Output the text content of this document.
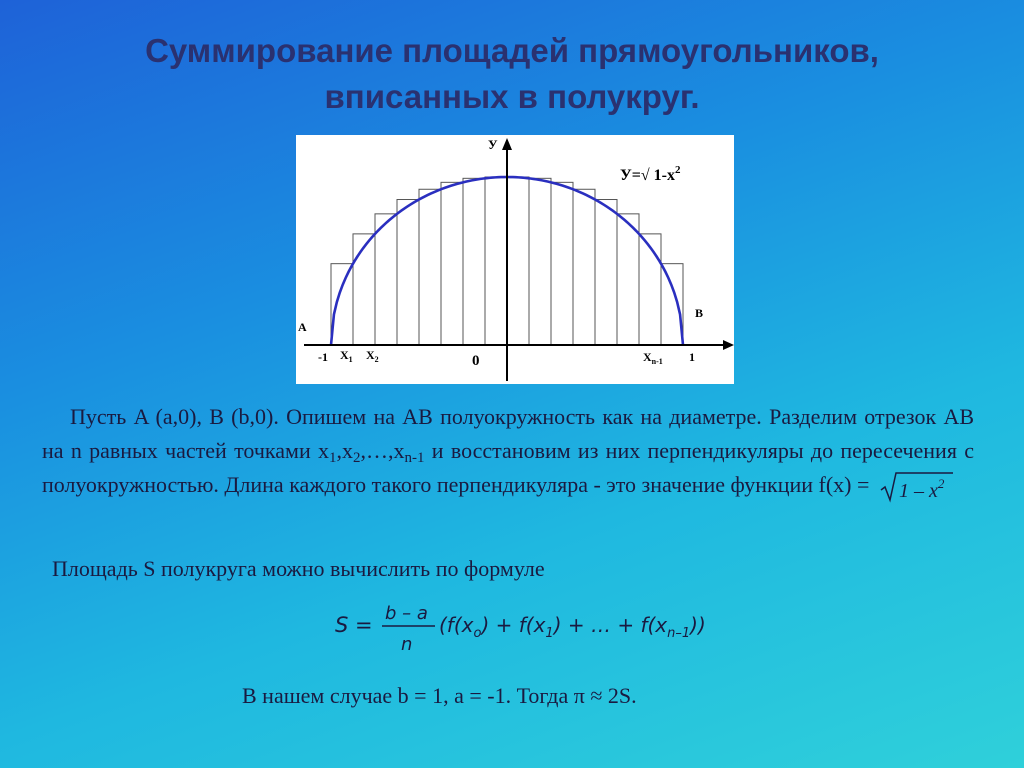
Суммирование площадей прямоугольников,
вписанных в полукруг.
У
A
B
-1	0	1
$X_1$ $X_2$	$X_{n-1}$
У=√ $1-х^2$
Пусть A (a,0), B (b,0). Опишем на AB полуокружность как на диаметре. Разделим отрезок AB на n равных частей точками $x_1,x_2,\dots,x_{n-1}$ и восстановим из них перпендикуляры до пересечения с полуокружностью. Длина каждого такого перпендикуляра - это значение функции $f(x) = 1 - x^2$
Площадь S полукруга можно вычислить по формуле
S = b – a
n
($f(x_o) + f(x_1)$ + … + $f(x_{n-1})$)
В нашем случае b = 1, a = -1. Тогда π ≈ 2S.
